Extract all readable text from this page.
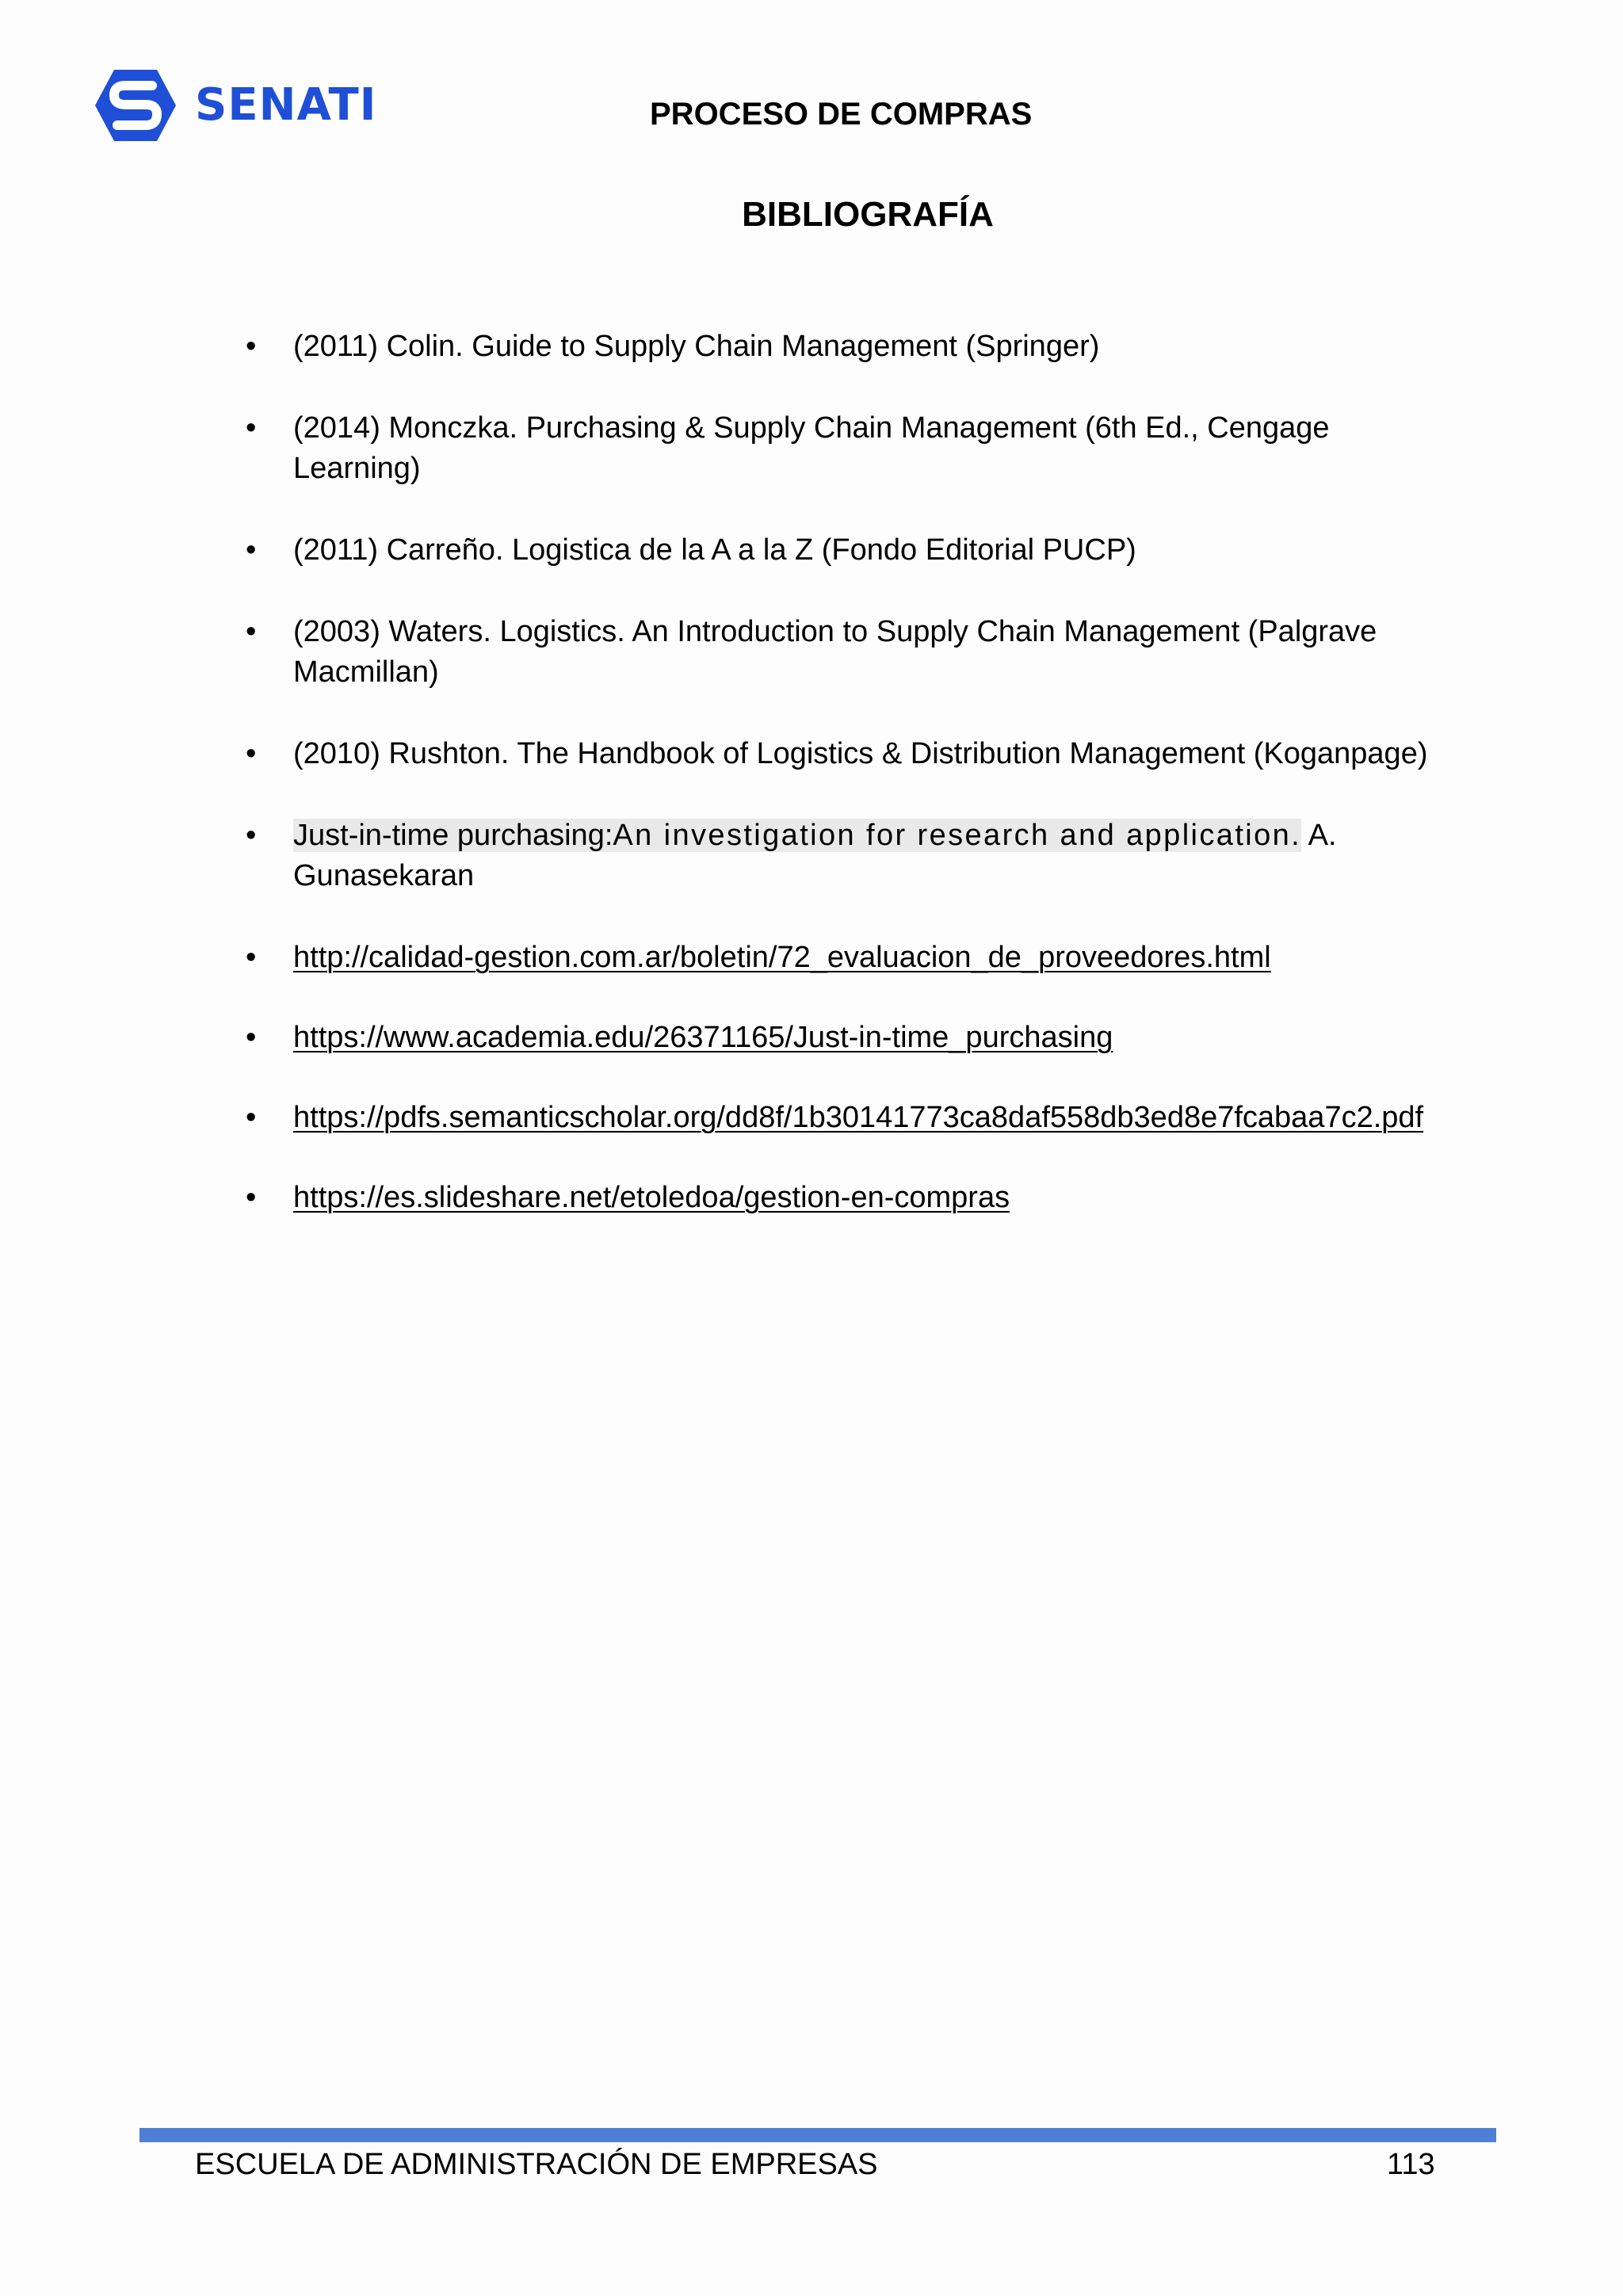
SENATI	PROCESO DE COMPRAS
BIBLIOGRAFÍA
• (2011) Colin. Guide to Supply Chain Management (Springer)
• (2014) Monczka. Purchasing & Supply Chain Management (6th Ed., Cengage Learning)
• (2011) Carreño. Logistica de la A a la Z (Fondo Editorial PUCP)
• (2003) Waters. Logistics. An Introduction to Supply Chain Management (Palgrave Macmillan)
• (2010) Rushton. The Handbook of Logistics & Distribution Management (Koganpage)
• Just-in-time purchasing:An investigation for research and application. A. Gunasekaran
• http://calidad-gestion.com.ar/boletin/72_evaluacion_de_proveedores.html
• https://www.academia.edu/26371165/Just-in-time_purchasing
• https://pdfs.semanticscholar.org/dd8f/1b30141773ca8daf558db3ed8e7fcabaa7c2.pdf
• https://es.slideshare.net/etoledoa/gestion-en-compras
ESCUELA DE ADMINISTRACIÓN DE EMPRESAS	113
